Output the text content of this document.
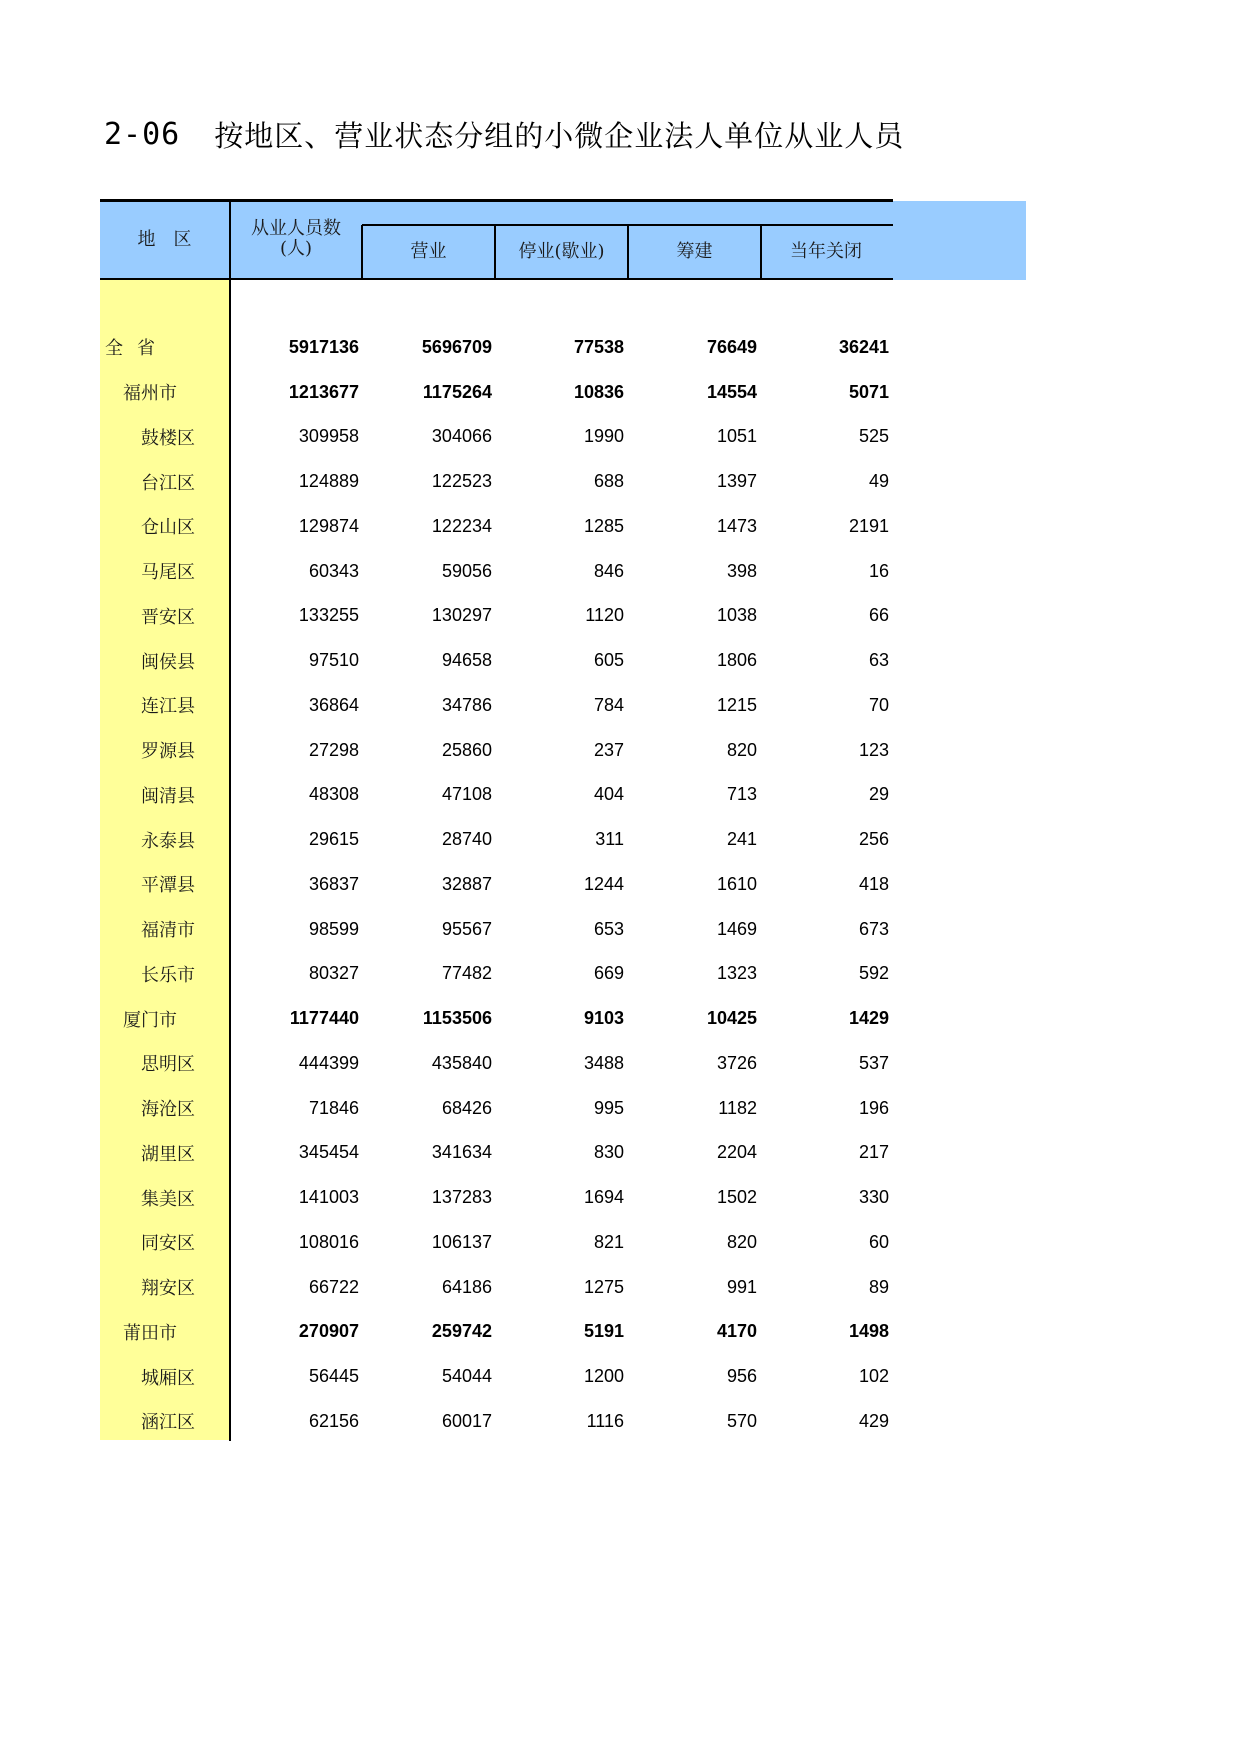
2-06 按地区、营业状态分组的小微企业法人单位从业人员
地　区	从业人员数
(人)	营业	停业(歇业)	筹建	当年关闭
全省	5917136	5696709	77538	76649	36241
福州市	1213677	1175264	10836	14554	5071
鼓楼区	309958	304066	1990	1051	525
台江区	124889	122523	688	1397	49
仓山区	129874	122234	1285	1473	2191
马尾区	60343	59056	846	398	16
晋安区	133255	130297	1120	1038	66
闽侯县	97510	94658	605	1806	63
连江县	36864	34786	784	1215	70
罗源县	27298	25860	237	820	123
闽清县	48308	47108	404	713	29
永泰县	29615	28740	311	241	256
平潭县	36837	32887	1244	1610	418
福清市	98599	95567	653	1469	673
长乐市	80327	77482	669	1323	592
厦门市	1177440	1153506	9103	10425	1429
思明区	444399	435840	3488	3726	537
海沧区	71846	68426	995	1182	196
湖里区	345454	341634	830	2204	217
集美区	141003	137283	1694	1502	330
同安区	108016	106137	821	820	60
翔安区	66722	64186	1275	991	89
莆田市	270907	259742	5191	4170	1498
城厢区	56445	54044	1200	956	102
涵江区	62156	60017	1116	570	429
